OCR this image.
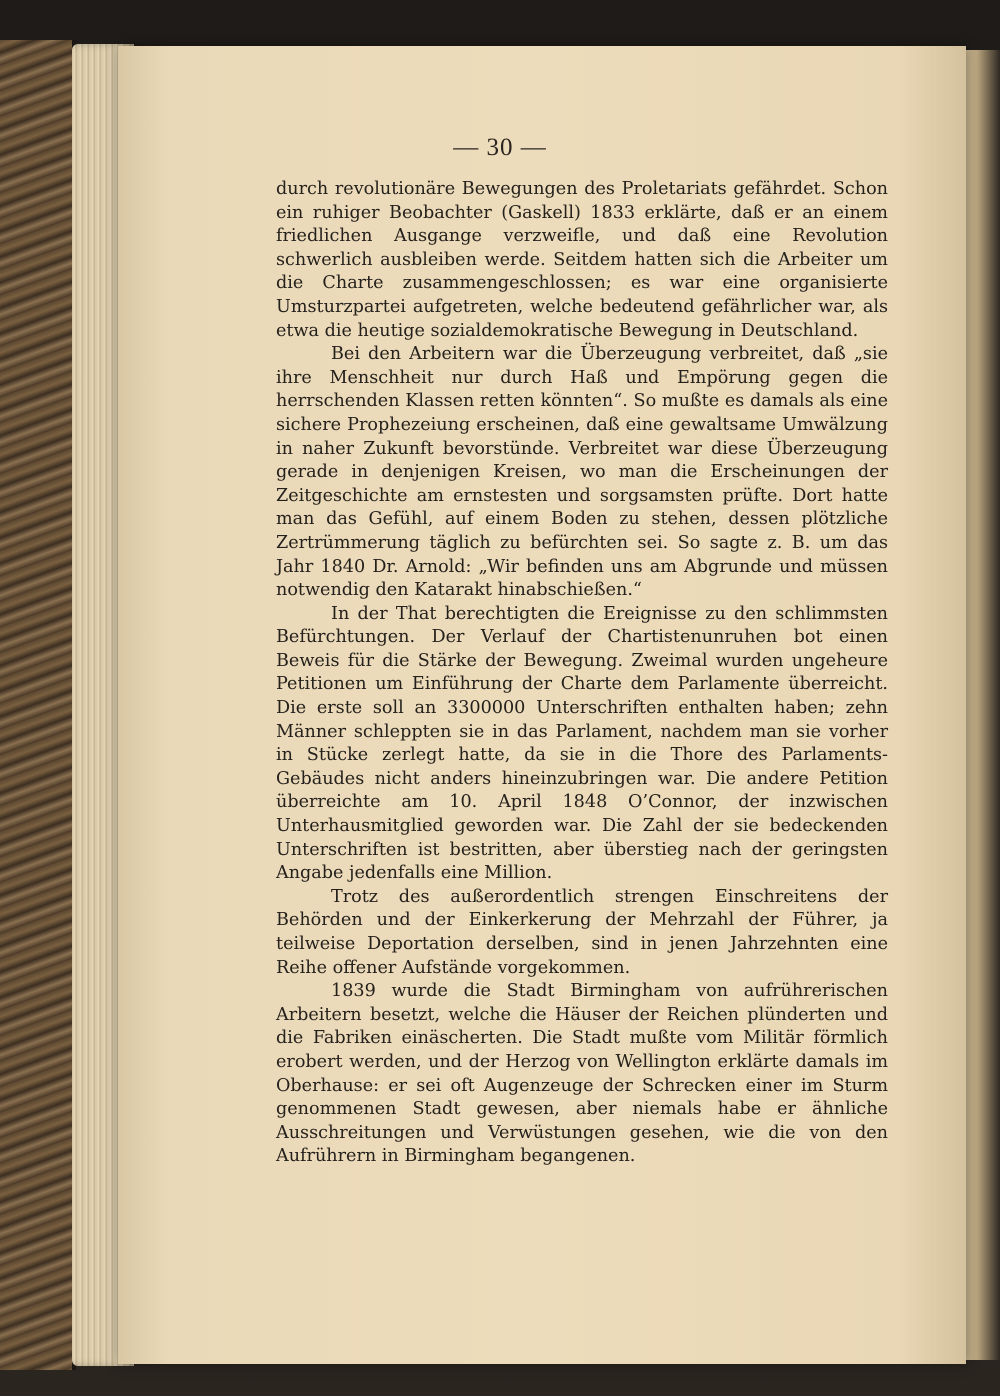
— 30 —

durch revolutionäre Bewegungen des Proletariats gefährdet. Schon ein ruhiger Beobachter (Gaskell) 1833 erklärte, daß er an einem friedlichen Ausgange verzweifle, und daß eine Revolution schwerlich ausbleiben werde. Seitdem hatten sich die Arbeiter um die Charte zusammengeschlossen; es war eine organisierte Umsturzpartei aufgetreten, welche bedeutend gefährlicher war, als etwa die heutige sozialdemokratische Bewegung in Deutschland.

Bei den Arbeitern war die Überzeugung verbreitet, daß „sie ihre Menschheit nur durch Haß und Empörung gegen die herrschenden Klassen retten könnten“. So mußte es damals als eine sichere Prophezeiung erscheinen, daß eine gewaltsame Umwälzung in naher Zukunft bevorstünde. Verbreitet war diese Überzeugung gerade in denjenigen Kreisen, wo man die Erscheinungen der Zeitgeschichte am ernstesten und sorgsamsten prüfte. Dort hatte man das Gefühl, auf einem Boden zu stehen, dessen plötzliche Zertrümmerung täglich zu befürchten sei. So sagte z. B. um das Jahr 1840 Dr. Arnold: „Wir befinden uns am Abgrunde und müssen notwendig den Katarakt hinabschießen.“

In der That berechtigten die Ereignisse zu den schlimmsten Befürchtungen. Der Verlauf der Chartistenunruhen bot einen Beweis für die Stärke der Bewegung. Zweimal wurden ungeheure Petitionen um Einführung der Charte dem Parlamente überreicht. Die erste soll an 3300000 Unterschriften enthalten haben; zehn Männer schleppten sie in das Parlament, nachdem man sie vorher in Stücke zerlegt hatte, da sie in die Thore des Parlaments-Gebäudes nicht anders hineinzubringen war. Die andere Petition überreichte am 10. April 1848 O’Connor, der inzwischen Unterhausmitglied geworden war. Die Zahl der sie bedeckenden Unterschriften ist bestritten, aber überstieg nach der geringsten Angabe jedenfalls eine Million.

Trotz des außerordentlich strengen Einschreitens der Behörden und der Einkerkerung der Mehrzahl der Führer, ja teilweise Deportation derselben, sind in jenen Jahrzehnten eine Reihe offener Aufstände vorgekommen.

1839 wurde die Stadt Birmingham von aufrührerischen Arbeitern besetzt, welche die Häuser der Reichen plünderten und die Fabriken einäscherten. Die Stadt mußte vom Militär förmlich erobert werden, und der Herzog von Wellington erklärte damals im Oberhause: er sei oft Augenzeuge der Schrecken einer im Sturm genommenen Stadt gewesen, aber niemals habe er ähnliche Ausschreitungen und Verwüstungen gesehen, wie die von den Aufrührern in Birmingham begangenen.
